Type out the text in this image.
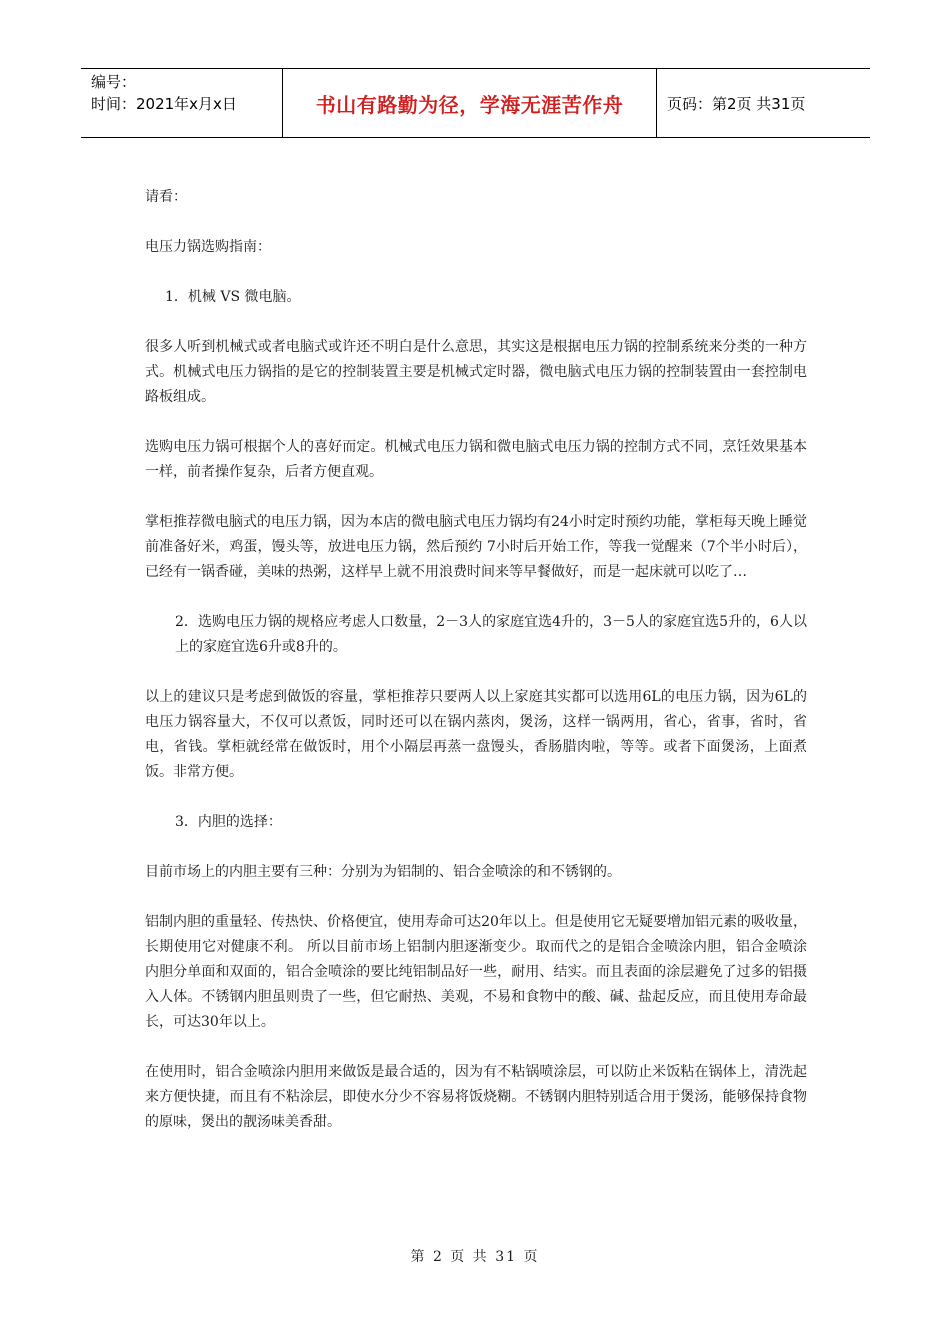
编号：
时间：2021年x月x日	书山有路勤为径，学海无涯苦作舟	页码：第2页 共31页

请看：

电压力锅选购指南：

1．机械 VS 微电脑。

很多人听到机械式或者电脑式或许还不明白是什么意思，其实这是根据电压力锅的控制系统来分类的一种方式。机械式电压力锅指的是它的控制装置主要是机械式定时器，微电脑式电压力锅的控制装置由一套控制电路板组成。

选购电压力锅可根据个人的喜好而定。机械式电压力锅和微电脑式电压力锅的控制方式不同，烹饪效果基本一样，前者操作复杂，后者方便直观。

掌柜推荐微电脑式的电压力锅，因为本店的微电脑式电压力锅均有24小时定时预约功能，掌柜每天晚上睡觉前准备好米，鸡蛋，馒头等，放进电压力锅，然后预约 7小时后开始工作，等我一觉醒来（7个半小时后），已经有一锅香碰，美味的热粥，这样早上就不用浪费时间来等早餐做好，而是一起床就可以吃了…

2．选购电压力锅的规格应考虑人口数量，2－3人的家庭宜选4升的，3－5人的家庭宜选5升的，6人以上的家庭宜选6升或8升的。

以上的建议只是考虑到做饭的容量，掌柜推荐只要两人以上家庭其实都可以选用6L的电压力锅，因为6L的电压力锅容量大，不仅可以煮饭，同时还可以在锅内蒸肉，煲汤，这样一锅两用，省心，省事，省时，省电，省钱。掌柜就经常在做饭时，用个小隔层再蒸一盘馒头，香肠腊肉啦，等等。或者下面煲汤，上面煮饭。非常方便。

3．内胆的选择：

目前市场上的内胆主要有三种：分别为为铝制的、铝合金喷涂的和不锈钢的。

铝制内胆的重量轻、传热快、价格便宜，使用寿命可达20年以上。但是使用它无疑要增加铝元素的吸收量，长期使用它对健康不利。 所以目前市场上铝制内胆逐渐变少。取而代之的是铝合金喷涂内胆，铝合金喷涂内胆分单面和双面的，铝合金喷涂的要比纯铝制品好一些，耐用、结实。而且表面的涂层避免了过多的铝摄入人体。不锈钢内胆虽则贵了一些，但它耐热、美观，不易和食物中的酸、碱、盐起反应，而且使用寿命最长，可达30年以上。

在使用时，铝合金喷涂内胆用来做饭是最合适的，因为有不粘锅喷涂层，可以防止米饭粘在锅体上，清洗起来方便快捷，而且有不粘涂层，即使水分少不容易将饭烧糊。不锈钢内胆特别适合用于煲汤，能够保持食物的原味，煲出的靓汤味美香甜。

第 2 页 共 31 页
